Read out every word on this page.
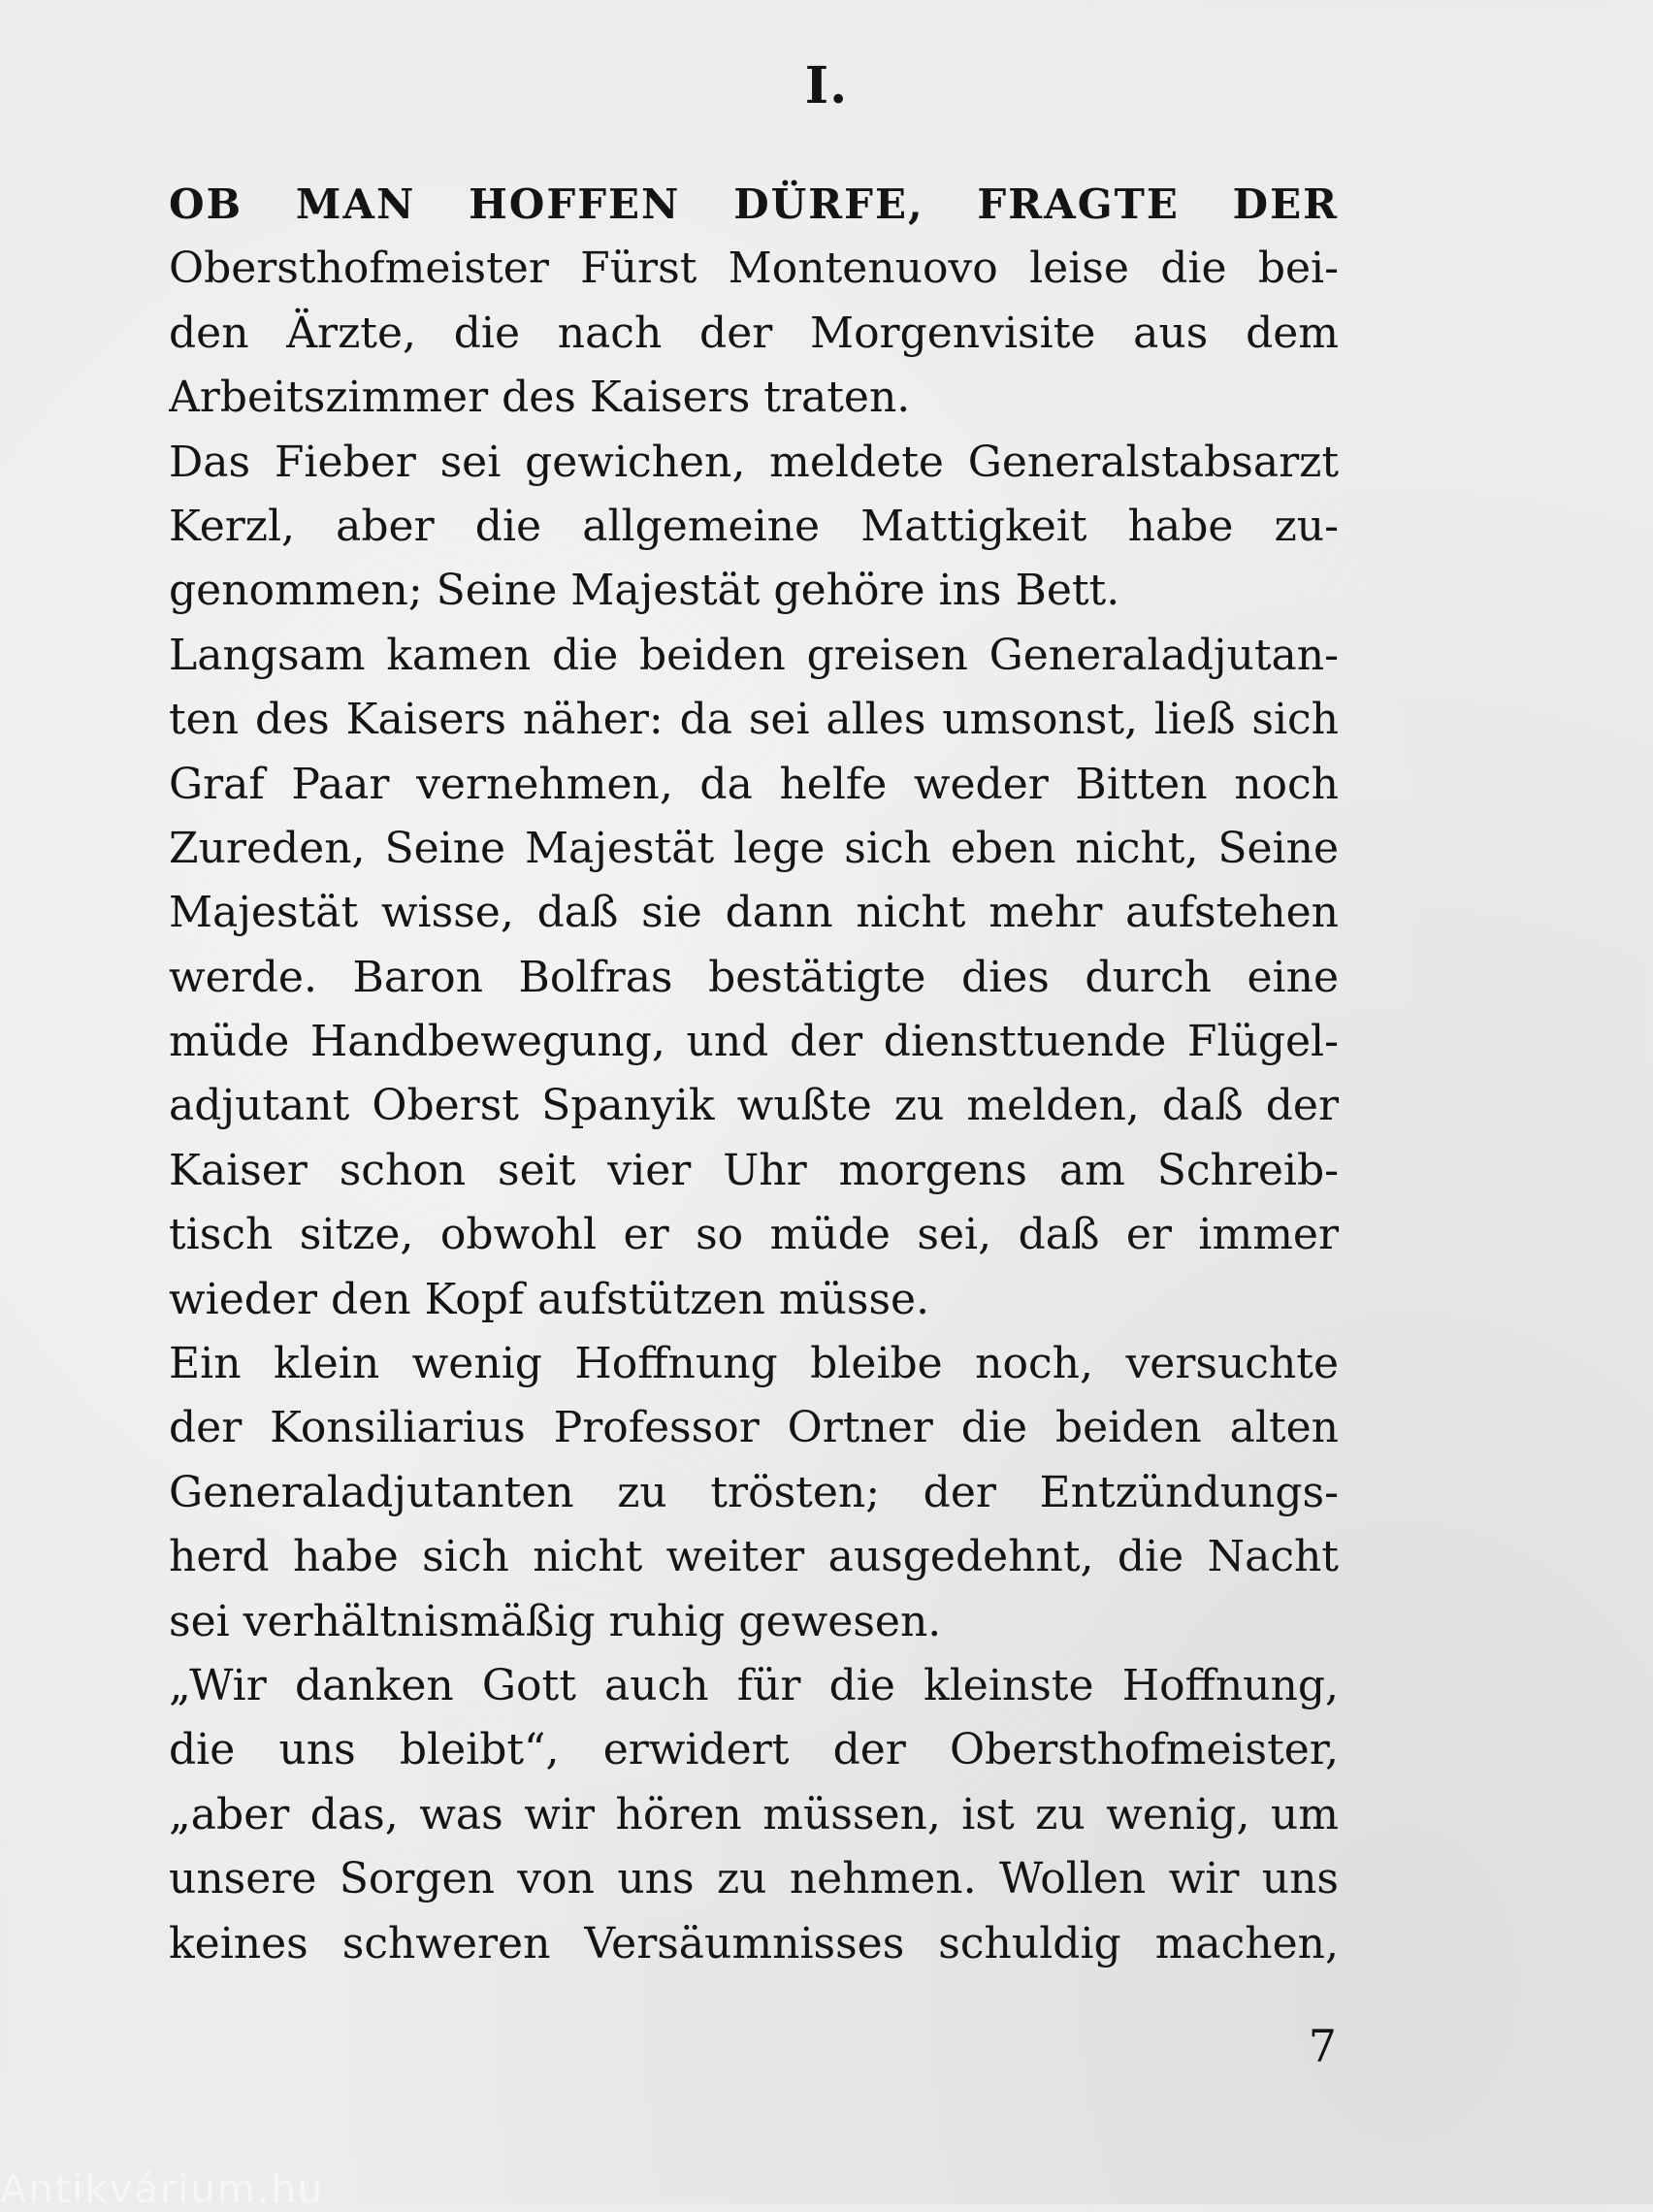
I.
OB MAN HOFFEN DÜRFE, FRAGTE DER
Obersthofmeister Fürst Montenuovo leise die bei-
den Ärzte, die nach der Morgenvisite aus dem
Arbeitszimmer des Kaisers traten.
Das Fieber sei gewichen, meldete Generalstabsarzt
Kerzl, aber die allgemeine Mattigkeit habe zu-
genommen; Seine Majestät gehöre ins Bett.
Langsam kamen die beiden greisen Generaladjutan-
ten des Kaisers näher: da sei alles umsonst, ließ sich
Graf Paar vernehmen, da helfe weder Bitten noch
Zureden, Seine Majestät lege sich eben nicht, Seine
Majestät wisse, daß sie dann nicht mehr aufstehen
werde. Baron Bolfras bestätigte dies durch eine
müde Handbewegung, und der diensttuende Flügel-
adjutant Oberst Spanyik wußte zu melden, daß der
Kaiser schon seit vier Uhr morgens am Schreib-
tisch sitze, obwohl er so müde sei, daß er immer
wieder den Kopf aufstützen müsse.
Ein klein wenig Hoffnung bleibe noch, versuchte
der Konsiliarius Professor Ortner die beiden alten
Generaladjutanten zu trösten; der Entzündungs-
herd habe sich nicht weiter ausgedehnt, die Nacht
sei verhältnismäßig ruhig gewesen.
„Wir danken Gott auch für die kleinste Hoffnung,
die uns bleibt“, erwidert der Obersthofmeister,
„aber das, was wir hören müssen, ist zu wenig, um
unsere Sorgen von uns zu nehmen. Wollen wir uns
keines schweren Versäumnisses schuldig machen,
7
Antikvárium.hu
